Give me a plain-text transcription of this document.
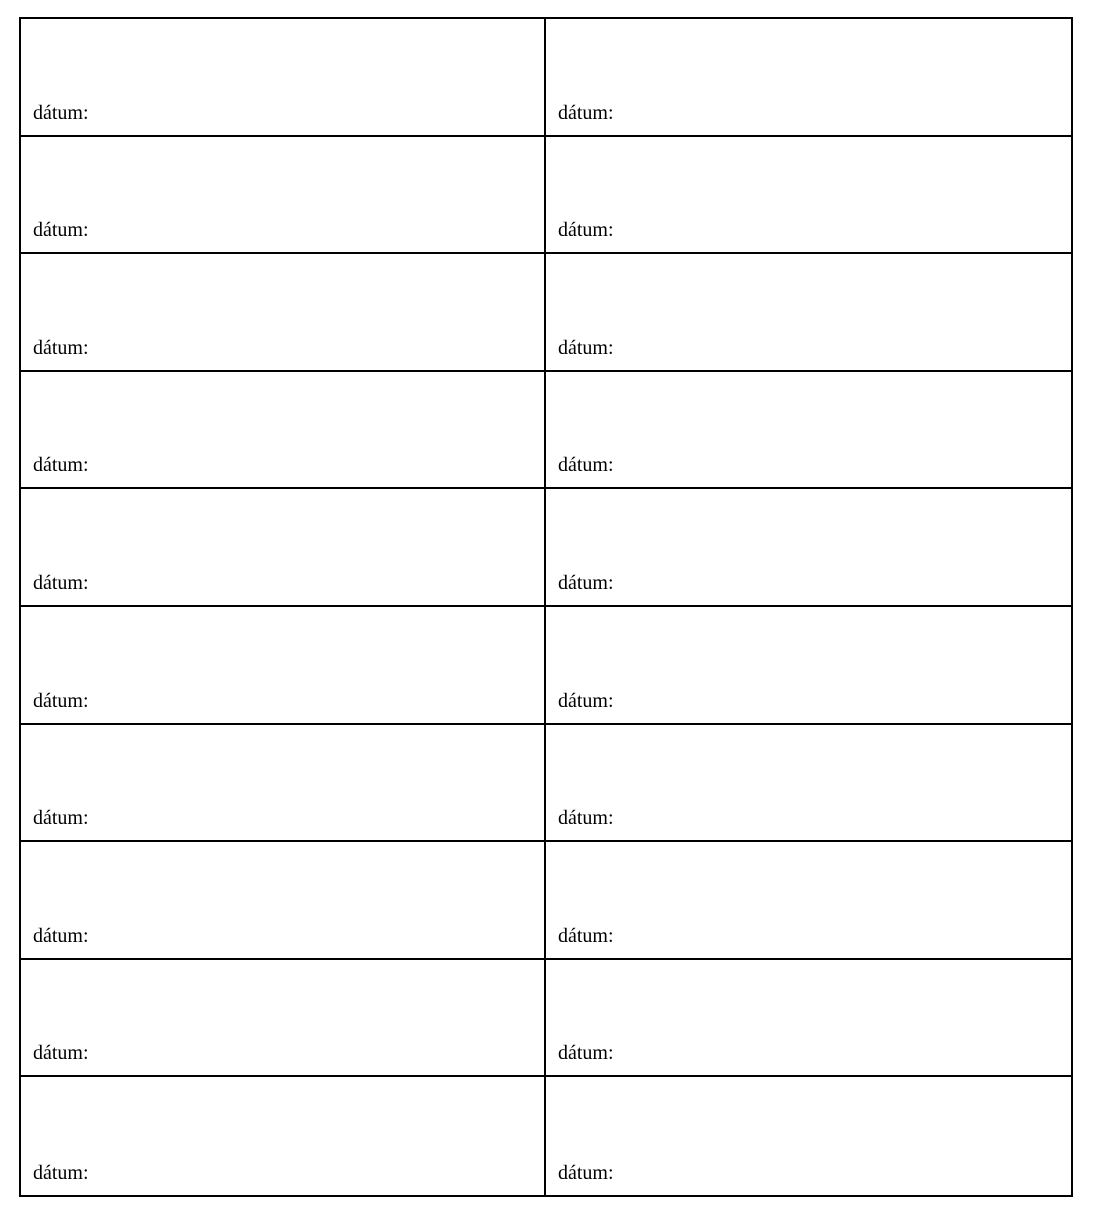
dátum:	dátum:
dátum:	dátum:
dátum:	dátum:
dátum:	dátum:
dátum:	dátum:
dátum:	dátum:
dátum:	dátum:
dátum:	dátum:
dátum:	dátum:
dátum:	dátum:
